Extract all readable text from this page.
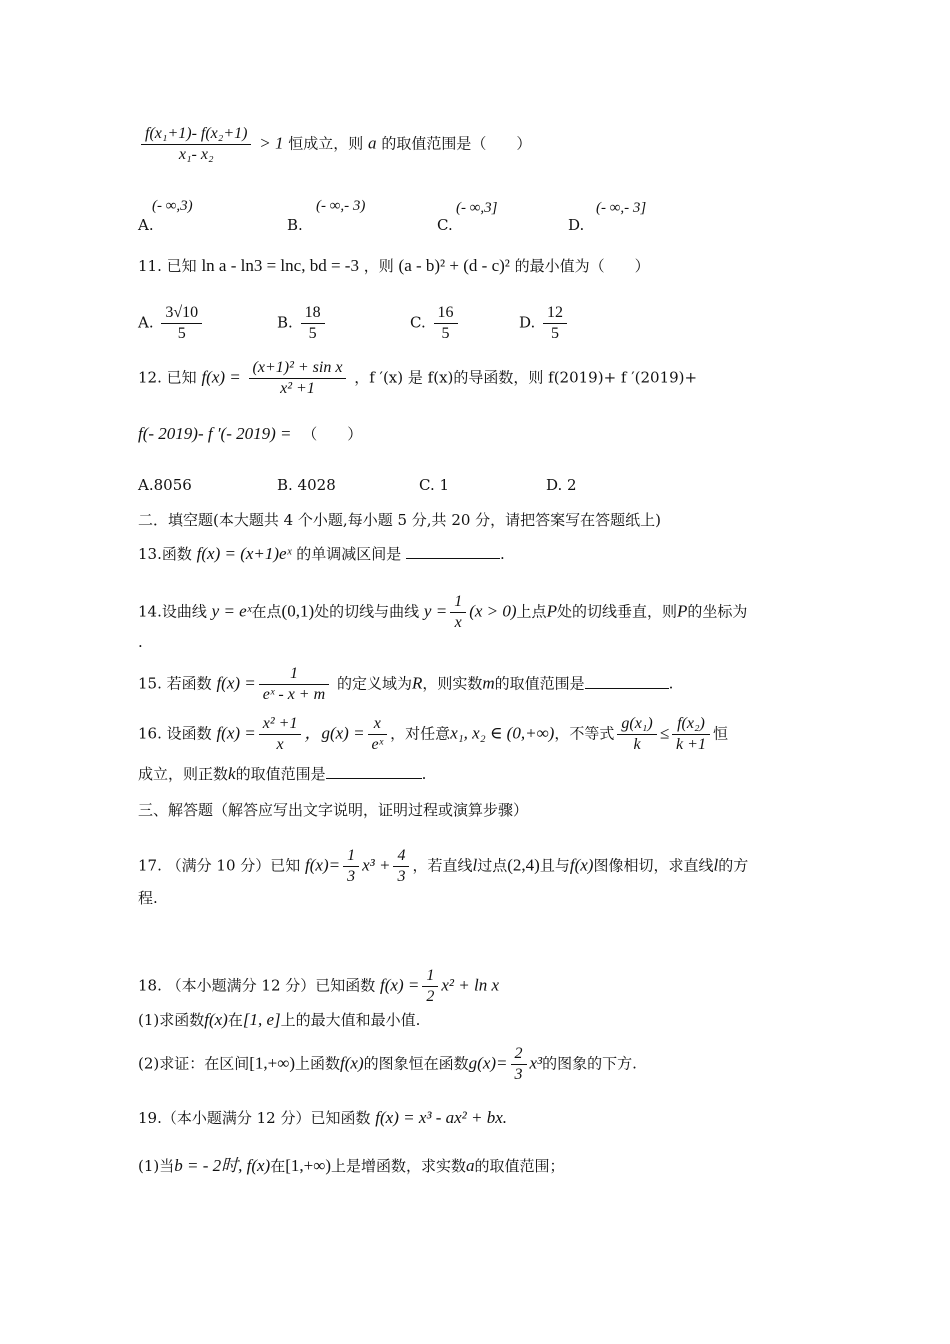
$\frac{\text{f(x₁+1)- f(x₂+1)}}{\text{x₁- x₂}} > 1$ 恒成立，则 a 的取值范围是（　　）
A.
(- ∞,3)
B.
(- ∞,- 3)
C.
(- ∞,3]
D.
(- ∞,- 3]
11. 已知 ln a - ln3 = lnc, bd = -3 ，则 (a - b)² + (d - c)² 的最小值为（　　）
A. $\frac{3√10}{5}$	B. $\frac{18}{5}$	C. $\frac{16}{5}$	D. $\frac{12}{5}$
12. 已知 $f(x) = \frac{\text{(x+1)² + sin x}}{\text{x² +1}}$ ，f ′(x) 是 f(x)的导函数，则 f(2019)+ f ′(2019)+
f(- 2019)- f ′(- 2019) = （　　）
A.8056	B. 4028	C. 1	D. 2
二．填空题(本大题共 4 个小题,每小题 5 分,共 20 分，请把答案写在答题纸上)
13.函数 f(x) = (x+1)eˣ 的单调减区间是	.
14.设曲线 y = eˣ在点(0,1)处的切线与曲线 $y = \frac{1}{x} (x > 0)$上点P处的切线垂直，则P的坐标为
.
15. 若函数 $f(x) = \frac{1}{\text{eˣ - x + m}}$ 的定义域为R，则实数m的取值范围是	.
16. 设函数 $f(x) = \frac{\text{x² +1}}{x}$ ，$g(x) = \frac{x}{\text{eˣ}}$ ，对任意x₁, x₂ ∈ (0,+∞)，不等式 $\frac{\text{g(x₁)}}{k} \le \frac{\text{f(x₂)}}{k +1}$ 恒
成立，则正数k的取值范围是	.
三、解答题（解答应写出文字说明，证明过程或演算步骤）
17. （满分 10 分）已知 $f(x)= \frac{1}{3} x^3 + \frac{4}{3}$ ，若直线l过点(2,4)且与f(x)图像相切，求直线l的方
程.
18. （本小题满分 12 分）已知函数 $f(x) = \frac{1}{2} x^2 + \ln x$
(1)求函数f(x)在[1, e]上的最大值和最小值.
(2)求证：在区间[1,+∞)上函数f(x)的图象恒在函数$g(x)= \frac{2}{3} x^3$的图象的下方.
19.（本小题满分 12 分）已知函数 f(x) = x³ - ax² + bx.
(1)当b = - 2时, f(x)在[1,+∞)上是增函数，求实数a的取值范围；
